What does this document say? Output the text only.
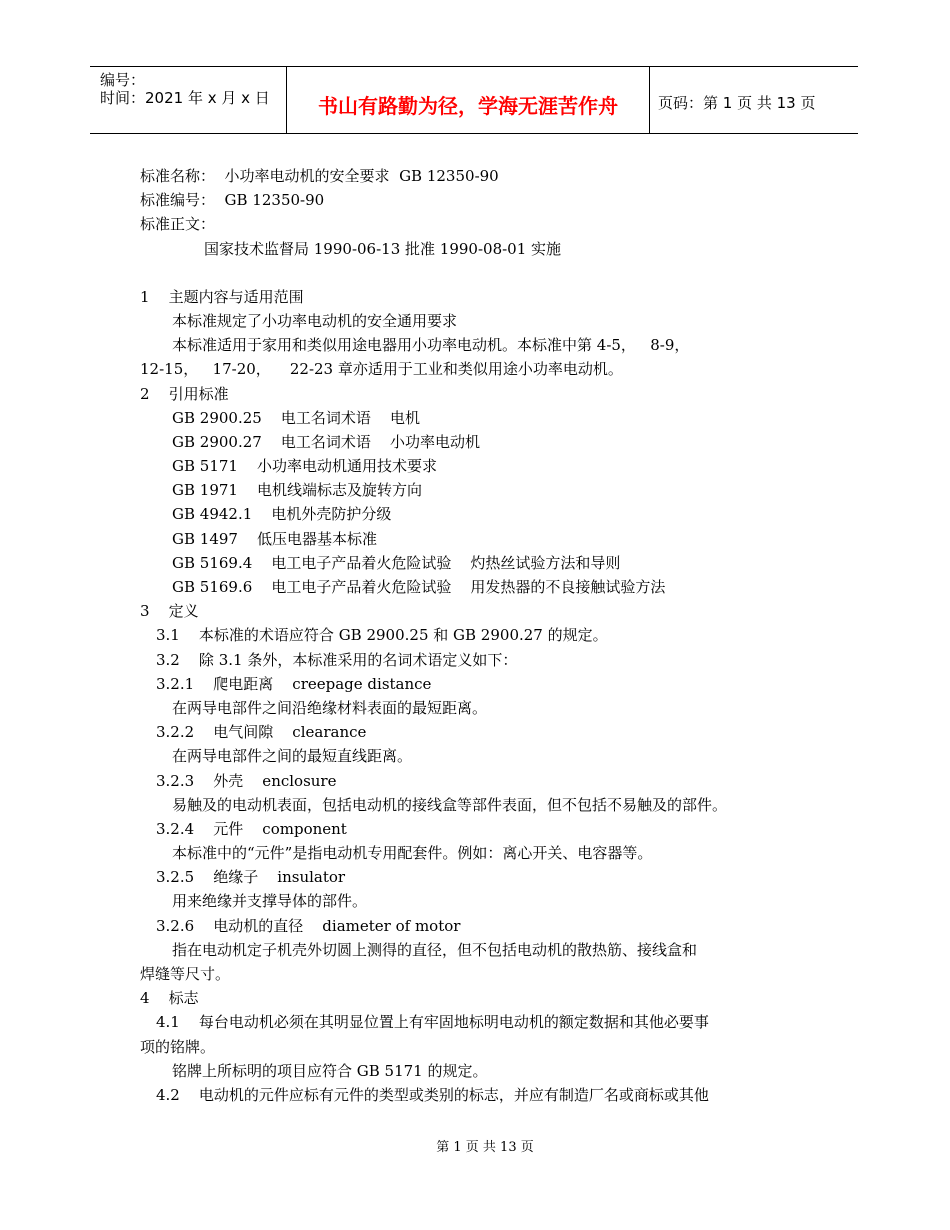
编号：
时间：2021 年 x 月 x 日	书山有路勤为径，学海无涯苦作舟	页码：第 1 页 共 13 页
标准名称：  小功率电动机的安全要求  GB 12350-90
标准编号：  GB 12350-90
标准正文：
国家技术监督局 1990-06-13 批准 1990-08-01 实施
1    主题内容与适用范围
本标准规定了小功率电动机的安全通用要求
本标准适用于家用和类似用途电器用小功率电动机。本标准中第 4-5，   8-9，
12-15，   17-20，    22-23 章亦适用于工业和类似用途小功率电动机。
2    引用标准
GB 2900.25    电工名词术语    电机
GB 2900.27    电工名词术语    小功率电动机
GB 5171    小功率电动机通用技术要求
GB 1971    电机线端标志及旋转方向
GB 4942.1    电机外壳防护分级
GB 1497    低压电器基本标准
GB 5169.4    电工电子产品着火危险试验    灼热丝试验方法和导则
GB 5169.6    电工电子产品着火危险试验    用发热器的不良接触试验方法
3    定义
3.1    本标准的术语应符合 GB 2900.25 和 GB 2900.27 的规定。
3.2    除 3.1 条外，本标准采用的名词术语定义如下：
3.2.1    爬电距离    creepage distance
在两导电部件之间沿绝缘材料表面的最短距离。
3.2.2    电气间隙    clearance
在两导电部件之间的最短直线距离。
3.2.3    外壳    enclosure
易触及的电动机表面，包括电动机的接线盒等部件表面，但不包括不易触及的部件。
3.2.4    元件    component
本标准中的“元件”是指电动机专用配套件。例如：离心开关、电容器等。
3.2.5    绝缘子    insulator
用来绝缘并支撑导体的部件。
3.2.6    电动机的直径    diameter of motor
指在电动机定子机壳外切圆上测得的直径，但不包括电动机的散热筋、接线盒和
焊缝等尺寸。
4    标志
4.1    每台电动机必须在其明显位置上有牢固地标明电动机的额定数据和其他必要事
项的铭牌。
铭牌上所标明的项目应符合 GB 5171 的规定。
4.2    电动机的元件应标有元件的类型或类别的标志，并应有制造厂名或商标或其他
第 1 页 共 13 页
